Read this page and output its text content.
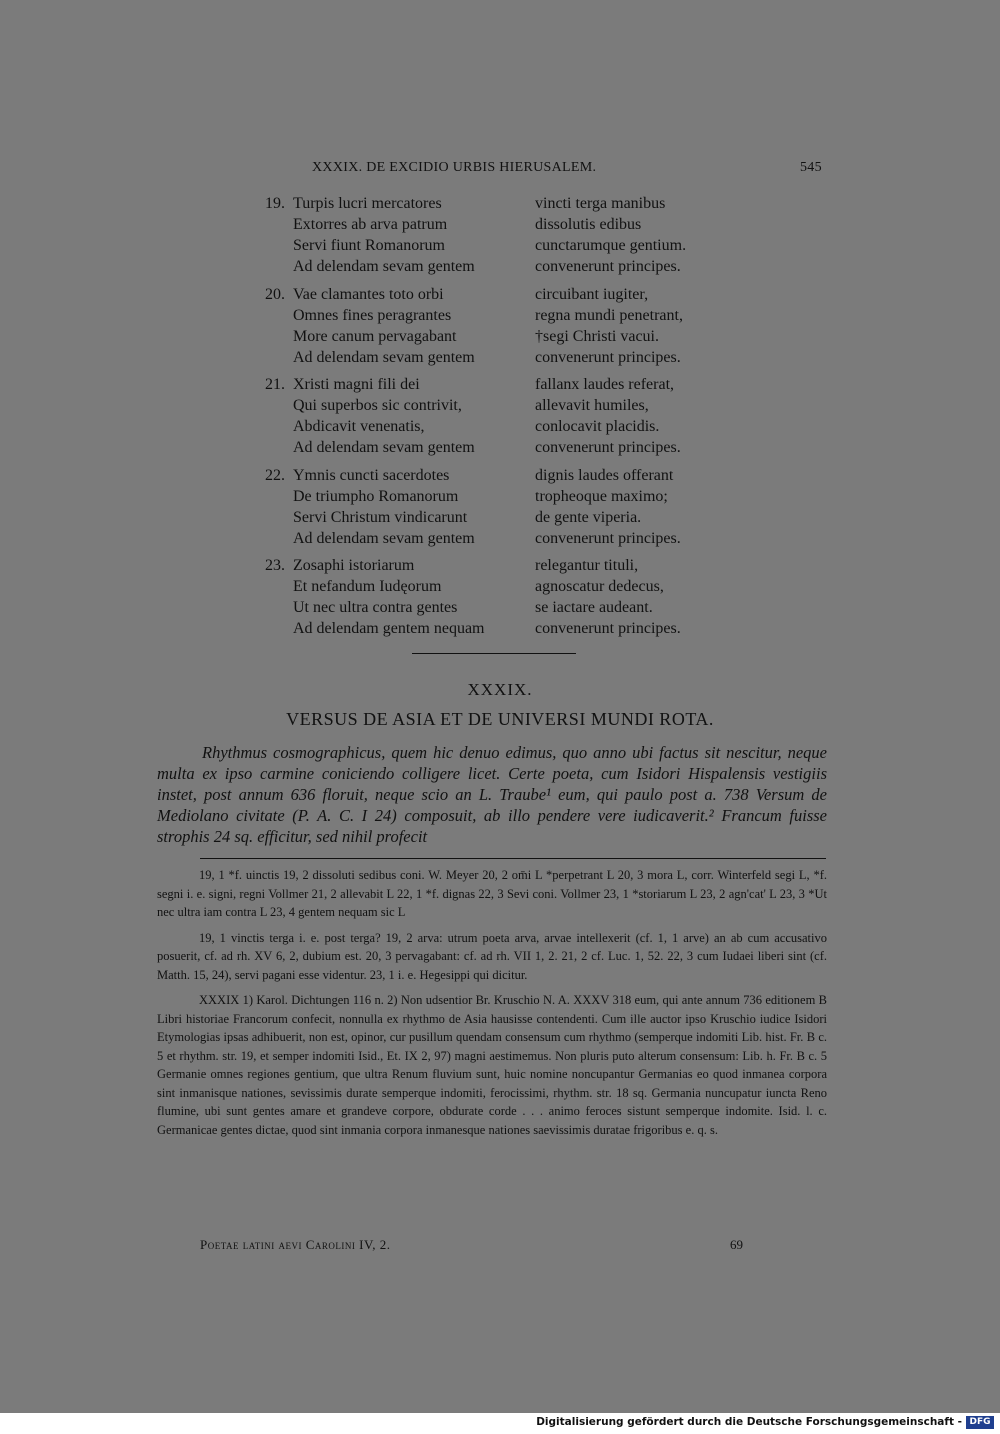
XXXIX. DE EXCIDIO URBIS HIERUSALEM.	545
19. Turpis lucri mercatores	vincti terga manibus
Extorres ab arva patrum	dissolutis edibus
Servi fiunt Romanorum	cunctarumque gentium.
Ad delendam sevam gentem	convenerunt principes.
20. Vae clamantes toto orbi	circuibant iugiter,
Omnes fines peragrantes	regna mundi penetrant,
More canum pervagabant	†segi Christi vacui.
Ad delendam sevam gentem	convenerunt principes.
21. Xristi magni fili dei	fallanx laudes referat,
Qui superbos sic contrivit,	allevavit humiles,
Abdicavit venenatis,	conlocavit placidis.
Ad delendam sevam gentem	convenerunt principes.
22. Ymnis cuncti sacerdotes	dignis laudes offerant
De triumpho Romanorum	tropheoque maximo;
Servi Christum vindicarunt	de gente viperia.
Ad delendam sevam gentem	convenerunt principes.
23. Zosaphi istoriarum	relegantur tituli,
Et nefandum Iudęorum	agnoscatur dedecus,
Ut nec ultra contra gentes	se iactare audeant.
Ad delendam gentem nequam	convenerunt principes.
XXXIX.
VERSUS DE ASIA ET DE UNIVERSI MUNDI ROTA.

Rhythmus cosmographicus, quem hic denuo edimus, quo anno ubi factus sit nescitur, neque multa ex ipso carmine coniciendo colligere licet. Certe poeta, cum Isidori Hispalensis vestigiis instet, post annum 636 floruit, neque scio an L. Traube¹ eum, qui paulo post a. 738 Versum de Mediolano civitate (P. A. C. I 24) composuit, ab illo pendere vere iudicaverit.² Francum fuisse strophis 24 sq. efficitur, sed nihil profecit

19, 1 *f. uinctis 19, 2 dissoluti sedibus coni. W. Meyer 20, 2 om̄i L *perpetrant L 20, 3 mora L, corr. Winterfeld segi L, *f. segni i. e. signi, regni Vollmer 21, 2 allevabit L 22, 1 *f. dignas 22, 3 Sevi coni. Vollmer 23, 1 *storiarum L 23, 2 agn'cat' L 23, 3 *Ut nec ultra iam contra L 23, 4 gentem nequam sic L

19, 1 vinctis terga i. e. post terga? 19, 2 arva: utrum poeta arva, arvae intellexerit (cf. 1, 1 arve) an ab cum accusativo posuerit, cf. ad rh. XV 6, 2, dubium est. 20, 3 pervagabant: cf. ad rh. VII 1, 2. 21, 2 cf. Luc. 1, 52. 22, 3 cum Iudaei liberi sint (cf. Matth. 15, 24), servi pagani esse videntur. 23, 1 i. e. Hegesippi qui dicitur.

XXXIX 1) Karol. Dichtungen 116 n. 2) Non udsentior Br. Kruschio N. A. XXXV 318 eum, qui ante annum 736 editionem B Libri historiae Francorum confecit, nonnulla ex rhythmo de Asia hausisse contendenti. Cum ille auctor ipso Kruschio iudice Isidori Etymologias ipsas adhibuerit, non est, opinor, cur pusillum quendam consensum cum rhythmo (semperque indomiti Lib. hist. Fr. B c. 5 et rhythm. str. 19, et semper indomiti Isid., Et. IX 2, 97) magni aestimemus. Non pluris puto alterum consensum: Lib. h. Fr. B c. 5 Germanie omnes regiones gentium, que ultra Renum fluvium sunt, huic nomine noncupantur Germanias eo quod inmanea corpora sint inmanisque nationes, sevissimis durate semperque indomiti, ferocissimi, rhythm. str. 18 sq. Germania nuncupatur iuncta Reno flumine, ubi sunt gentes amare et grandeve corpore, obdurate corde . . . animo feroces sistunt semperque indomite. Isid. l. c. Germanicae gentes dictae, quod sint inmania corpora inmanesque nationes saevissimis duratae frigoribus e. q. s.

Poetae latini aevi Carolini IV, 2.	69
Digitalisierung gefördert durch die Deutsche Forschungsgemeinschaft - DFG
